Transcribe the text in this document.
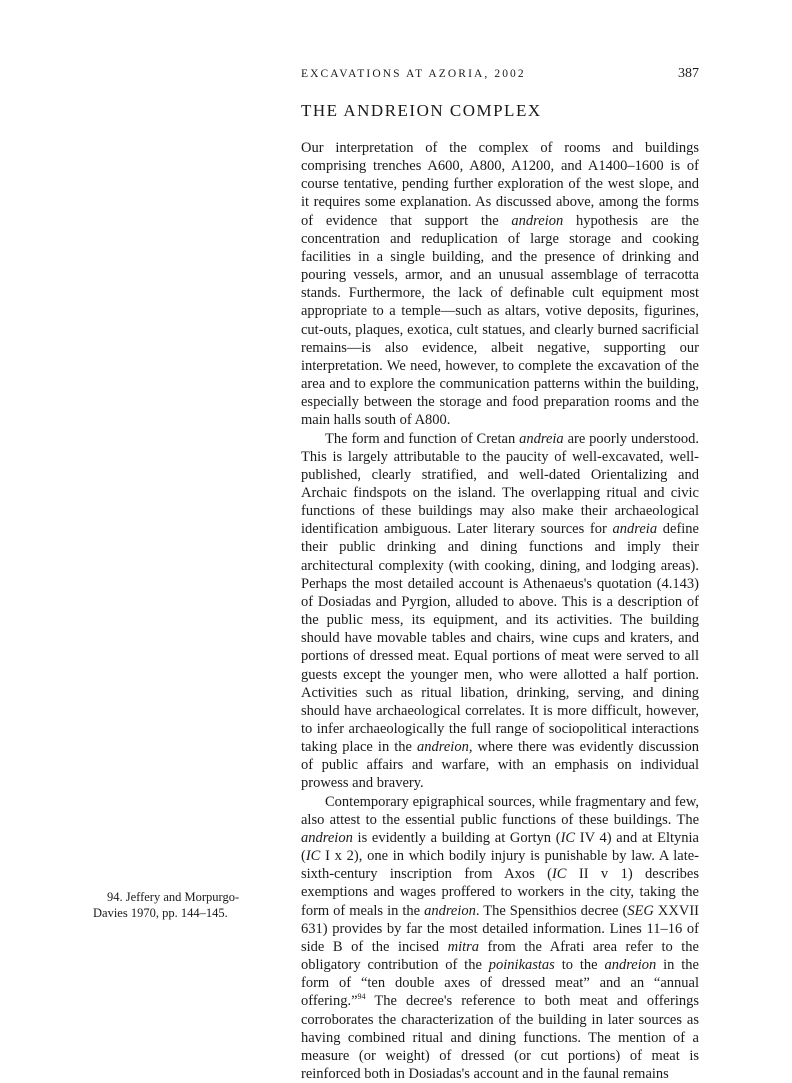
EXCAVATIONS AT AZORIA, 2002	387
THE ANDREION COMPLEX

Our interpretation of the complex of rooms and buildings comprising trenches A600, A800, A1200, and A1400–1600 is of course tentative, pending further exploration of the west slope, and it requires some explanation. As discussed above, among the forms of evidence that support the andreion hypothesis are the concentration and reduplication of large storage and cooking facilities in a single building, and the presence of drinking and pouring vessels, armor, and an unusual assemblage of terracotta stands. Furthermore, the lack of definable cult equipment most appropriate to a temple—such as altars, votive deposits, figurines, cut-outs, plaques, exotica, cult statues, and clearly burned sacrificial remains—is also evidence, albeit negative, supporting our interpretation. We need, however, to complete the excavation of the area and to explore the communication patterns within the building, especially between the storage and food preparation rooms and the main halls south of A800.

The form and function of Cretan andreia are poorly understood. This is largely attributable to the paucity of well-excavated, well-published, clearly stratified, and well-dated Orientalizing and Archaic findspots on the island. The overlapping ritual and civic functions of these buildings may also make their archaeological identification ambiguous. Later literary sources for andreia define their public drinking and dining functions and imply their architectural complexity (with cooking, dining, and lodging areas). Perhaps the most detailed account is Athenaeus's quotation (4.143) of Dosiadas and Pyrgion, alluded to above. This is a description of the public mess, its equipment, and its activities. The building should have movable tables and chairs, wine cups and kraters, and portions of dressed meat. Equal portions of meat were served to all guests except the younger men, who were allotted a half portion. Activities such as ritual libation, drinking, serving, and dining should have archaeological correlates. It is more difficult, however, to infer archaeologically the full range of sociopolitical interactions taking place in the andreion, where there was evidently discussion of public affairs and warfare, with an emphasis on individual prowess and bravery.

Contemporary epigraphical sources, while fragmentary and few, also attest to the essential public functions of these buildings. The andreion is evidently a building at Gortyn (IC IV 4) and at Eltynia (IC I x 2), one in which bodily injury is punishable by law. A late-sixth-century inscription from Axos (IC II v 1) describes exemptions and wages proffered to workers in the city, taking the form of meals in the andreion. The Spensithios decree (SEG XXVII 631) provides by far the most detailed information. Lines 11–16 of side B of the incised mitra from the Afrati area refer to the obligatory contribution of the poinikastas to the andreion in the form of “ten double axes of dressed meat” and an “annual offering.”$^{94}$ The decree's reference to both meat and offerings corroborates the characterization of the building in later sources as having combined ritual and dining functions. The mention of a measure (or weight) of dressed (or cut portions) of meat is reinforced both in Dosiadas's account and in the faunal remains

94. Jeffery and Morpurgo-Davies 1970, pp. 144–145.
